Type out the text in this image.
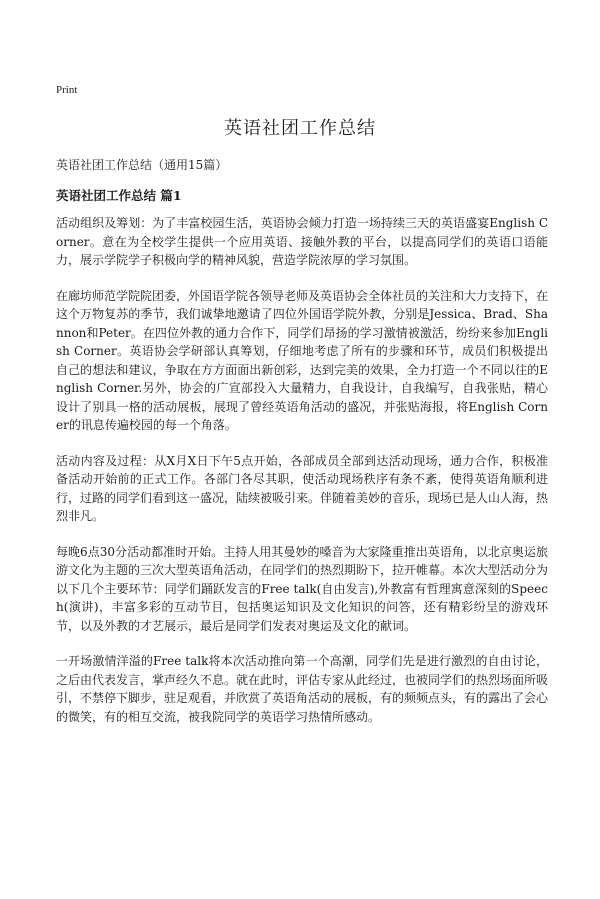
Print
英语社团工作总结

英语社团工作总结（通用15篇）

英语社团工作总结 篇1

活动组织及筹划：为了丰富校园生活，英语协会倾力打造一场持续三天的英语盛宴English Corner。意在为全校学生提供一个应用英语、接触外教的平台，以提高同学们的英语口语能力，展示学院学子积极向学的精神风貌，营造学院浓厚的学习氛围。

在廊坊师范学院院团委，外国语学院各领导老师及英语协会全体社员的关注和大力支持下，在这个万物复苏的季节，我们诚挚地邀请了四位外国语学院外教，分别是Jessica、Brad、Shannon和Peter。在四位外教的通力合作下，同学们昂扬的学习激情被激活，纷纷来参加English Corner。英语协会学研部认真筹划，仔细地考虑了所有的步骤和环节，成员们积极提出自己的想法和建议，争取在方方面面出新创彩，达到完美的效果，全力打造一个不同以往的English Corner.另外，协会的广宣部投入大量精力，自我设计，自我编写，自我张贴，精心设计了别具一格的活动展板，展现了曾经英语角活动的盛况，并张贴海报，将English Corner的讯息传遍校园的每一个角落。

活动内容及过程：从X月X日下午5点开始，各部成员全部到达活动现场，通力合作，积极准备活动开始前的正式工作。各部门各尽其职，使活动现场秩序有条不紊，使得英语角顺利进行，过路的同学们看到这一盛况，陆续被吸引来。伴随着美妙的音乐，现场已是人山人海，热烈非凡。

每晚6点30分活动都准时开始。主持人用其曼妙的嗓音为大家隆重推出英语角，以北京奥运旅游文化为主题的三次大型英语角活动，在同学们的热烈期盼下，拉开帷幕。本次大型活动分为以下几个主要环节：同学们踊跃发言的Free talk(自由发言),外教富有哲理寓意深刻的Speech(演讲)，丰富多彩的互动节目，包括奥运知识及文化知识的问答，还有精彩纷呈的游戏环节，以及外教的才艺展示，最后是同学们发表对奥运及文化的献词。

一开场激情洋溢的Free talk将本次活动推向第一个高潮，同学们先是进行激烈的自由讨论，之后由代表发言，掌声经久不息。就在此时，评估专家从此经过，也被同学们的热烈场面所吸引，不禁停下脚步，驻足观看，并欣赏了英语角活动的展板，有的频频点头，有的露出了会心的微笑，有的相互交流，被我院同学的英语学习热情所感动。
